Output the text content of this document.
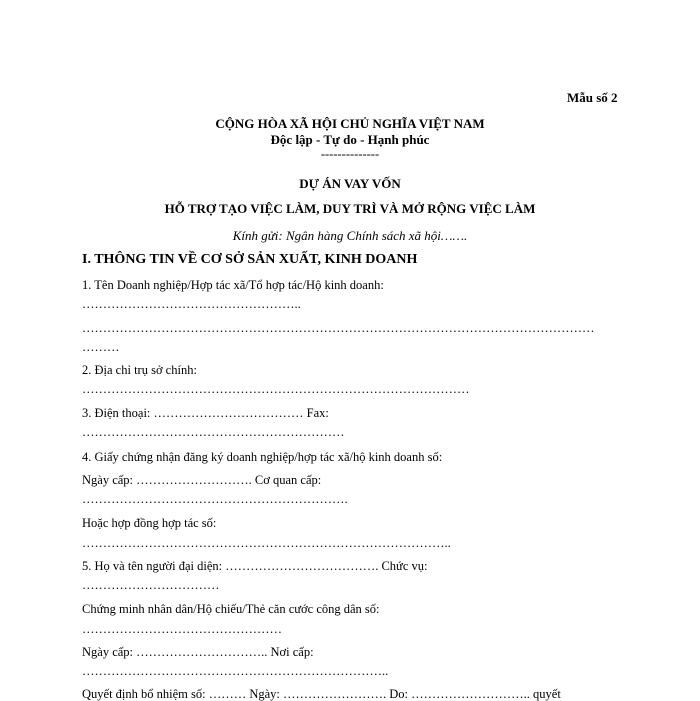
Mẫu số 2
CỘNG HÒA XÃ HỘI CHỦ NGHĨA VIỆT NAM
Độc lập - Tự do - Hạnh phúc
--------------
DỰ ÁN VAY VỐN
HỖ TRỢ TẠO VIỆC LÀM, DUY TRÌ VÀ MỞ RỘNG VIỆC LÀM
Kính gửi: Ngân hàng Chính sách xã hội…….
I. THÔNG TIN VỀ CƠ SỞ SẢN XUẤT, KINH DOANH
1. Tên Doanh nghiệp/Hợp tác xã/Tổ hợp tác/Hộ kinh doanh:
……………………………………………..
……………………………………………………………………………………………………………
………
2. Địa chỉ trụ sở chính:
…………………………………………………………………………………
3. Điện thoại: ……………………………… Fax:
………………………………………………………
4. Giấy chứng nhận đăng ký doanh nghiệp/hợp tác xã/hộ kinh doanh số:
Ngày cấp: ………………………. Cơ quan cấp:
……………………………………………………….
Hoặc hợp đồng hợp tác số:
……………………………………………………………………………..
5. Họ và tên người đại diện: ………………………………. Chức vụ:
……………………………
Chứng minh nhân dân/Hộ chiếu/Thẻ căn cước công dân số:
…………………………………………
Ngày cấp: ………………………….. Nơi cấp:
………………………………………………………………..
Quyết định bổ nhiệm số: ……… Ngày: ……………………. Do: ……………………….. quyết
